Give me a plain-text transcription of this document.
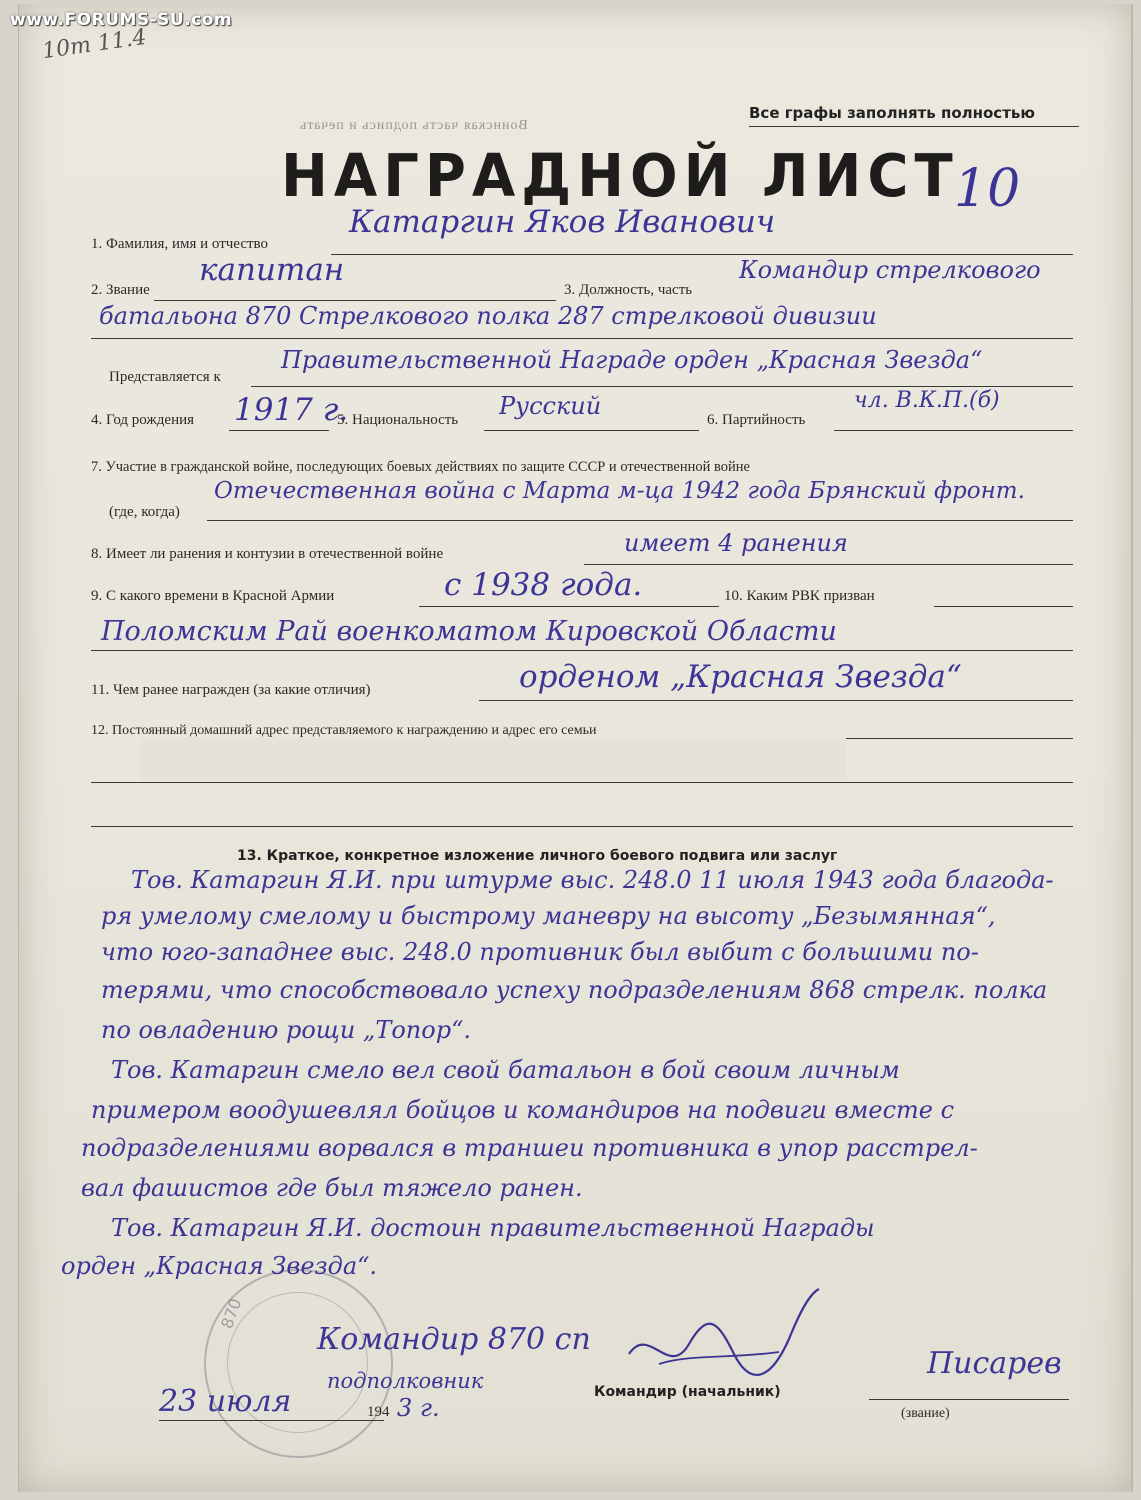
870
Все графы заполнять полностью
Воинская часть подпись и печать
НАГРАДНОЙ ЛИСТ
10
1. Фамилия, имя и отчество
Катаргин Яков Иванович
2. Звание
капитан
3. Должность, часть
Командир стрелкового
батальона 870 Стрелкового полка 287 стрелковой дивизии
Представляется к
Правительственной Награде орден „Красная Звезда“
4. Год рождения 1917 г.
5. Национальность Русский	6. Партийность
чл. В.К.П.(б)
7. Участие в гражданской войне, последующих боевых действиях по защите СССР и отечественной войне
(где, когда)
Отечественная война с Марта м-ца 1942 года Брянский фронт.
8. Имеет ли ранения и контузии в отечественной войне	имеет 4 ранения
9. С какого времени в Красной Армии	с 1938 года.	10. Каким РВК призван
Поломским Рай военкоматом Кировской Области
11. Чем ранее награжден (за какие отличия)	орденом „Красная Звезда“
12. Постоянный домашний адрес представляемого к награждению и адрес его семьи
13. Краткое, конкретное изложение личного боевого подвига или заслуг
Тов. Катаргин Я.И. при штурме выс. 248.0 11 июля 1943 года благода-
ря умелому смелому и быстрому маневру на высоту „Безымянная“,
что юго-западнее выс. 248.0 противник был выбит с большими по-
терями, что способствовало успеху подразделениям 868 стрелк. полка
по овладению рощи „Топор“.
Тов. Катаргин смело вел свой батальон в бой своим личным
примером воодушевлял бойцов и командиров на подвиги вместе с
подразделениями ворвался в траншеи противника в упор расстрел-
вал фашистов где был тяжело ранен.
Тов. Катаргин Я.И. достоин правительственной Награды
орден „Красная Звезда“.
Командир 870 сп
подполковник	Писарев
Командир (начальник)
(звание)
23 июля	194 3 г.
www.FORUMS-SU.com
10т 11.4
